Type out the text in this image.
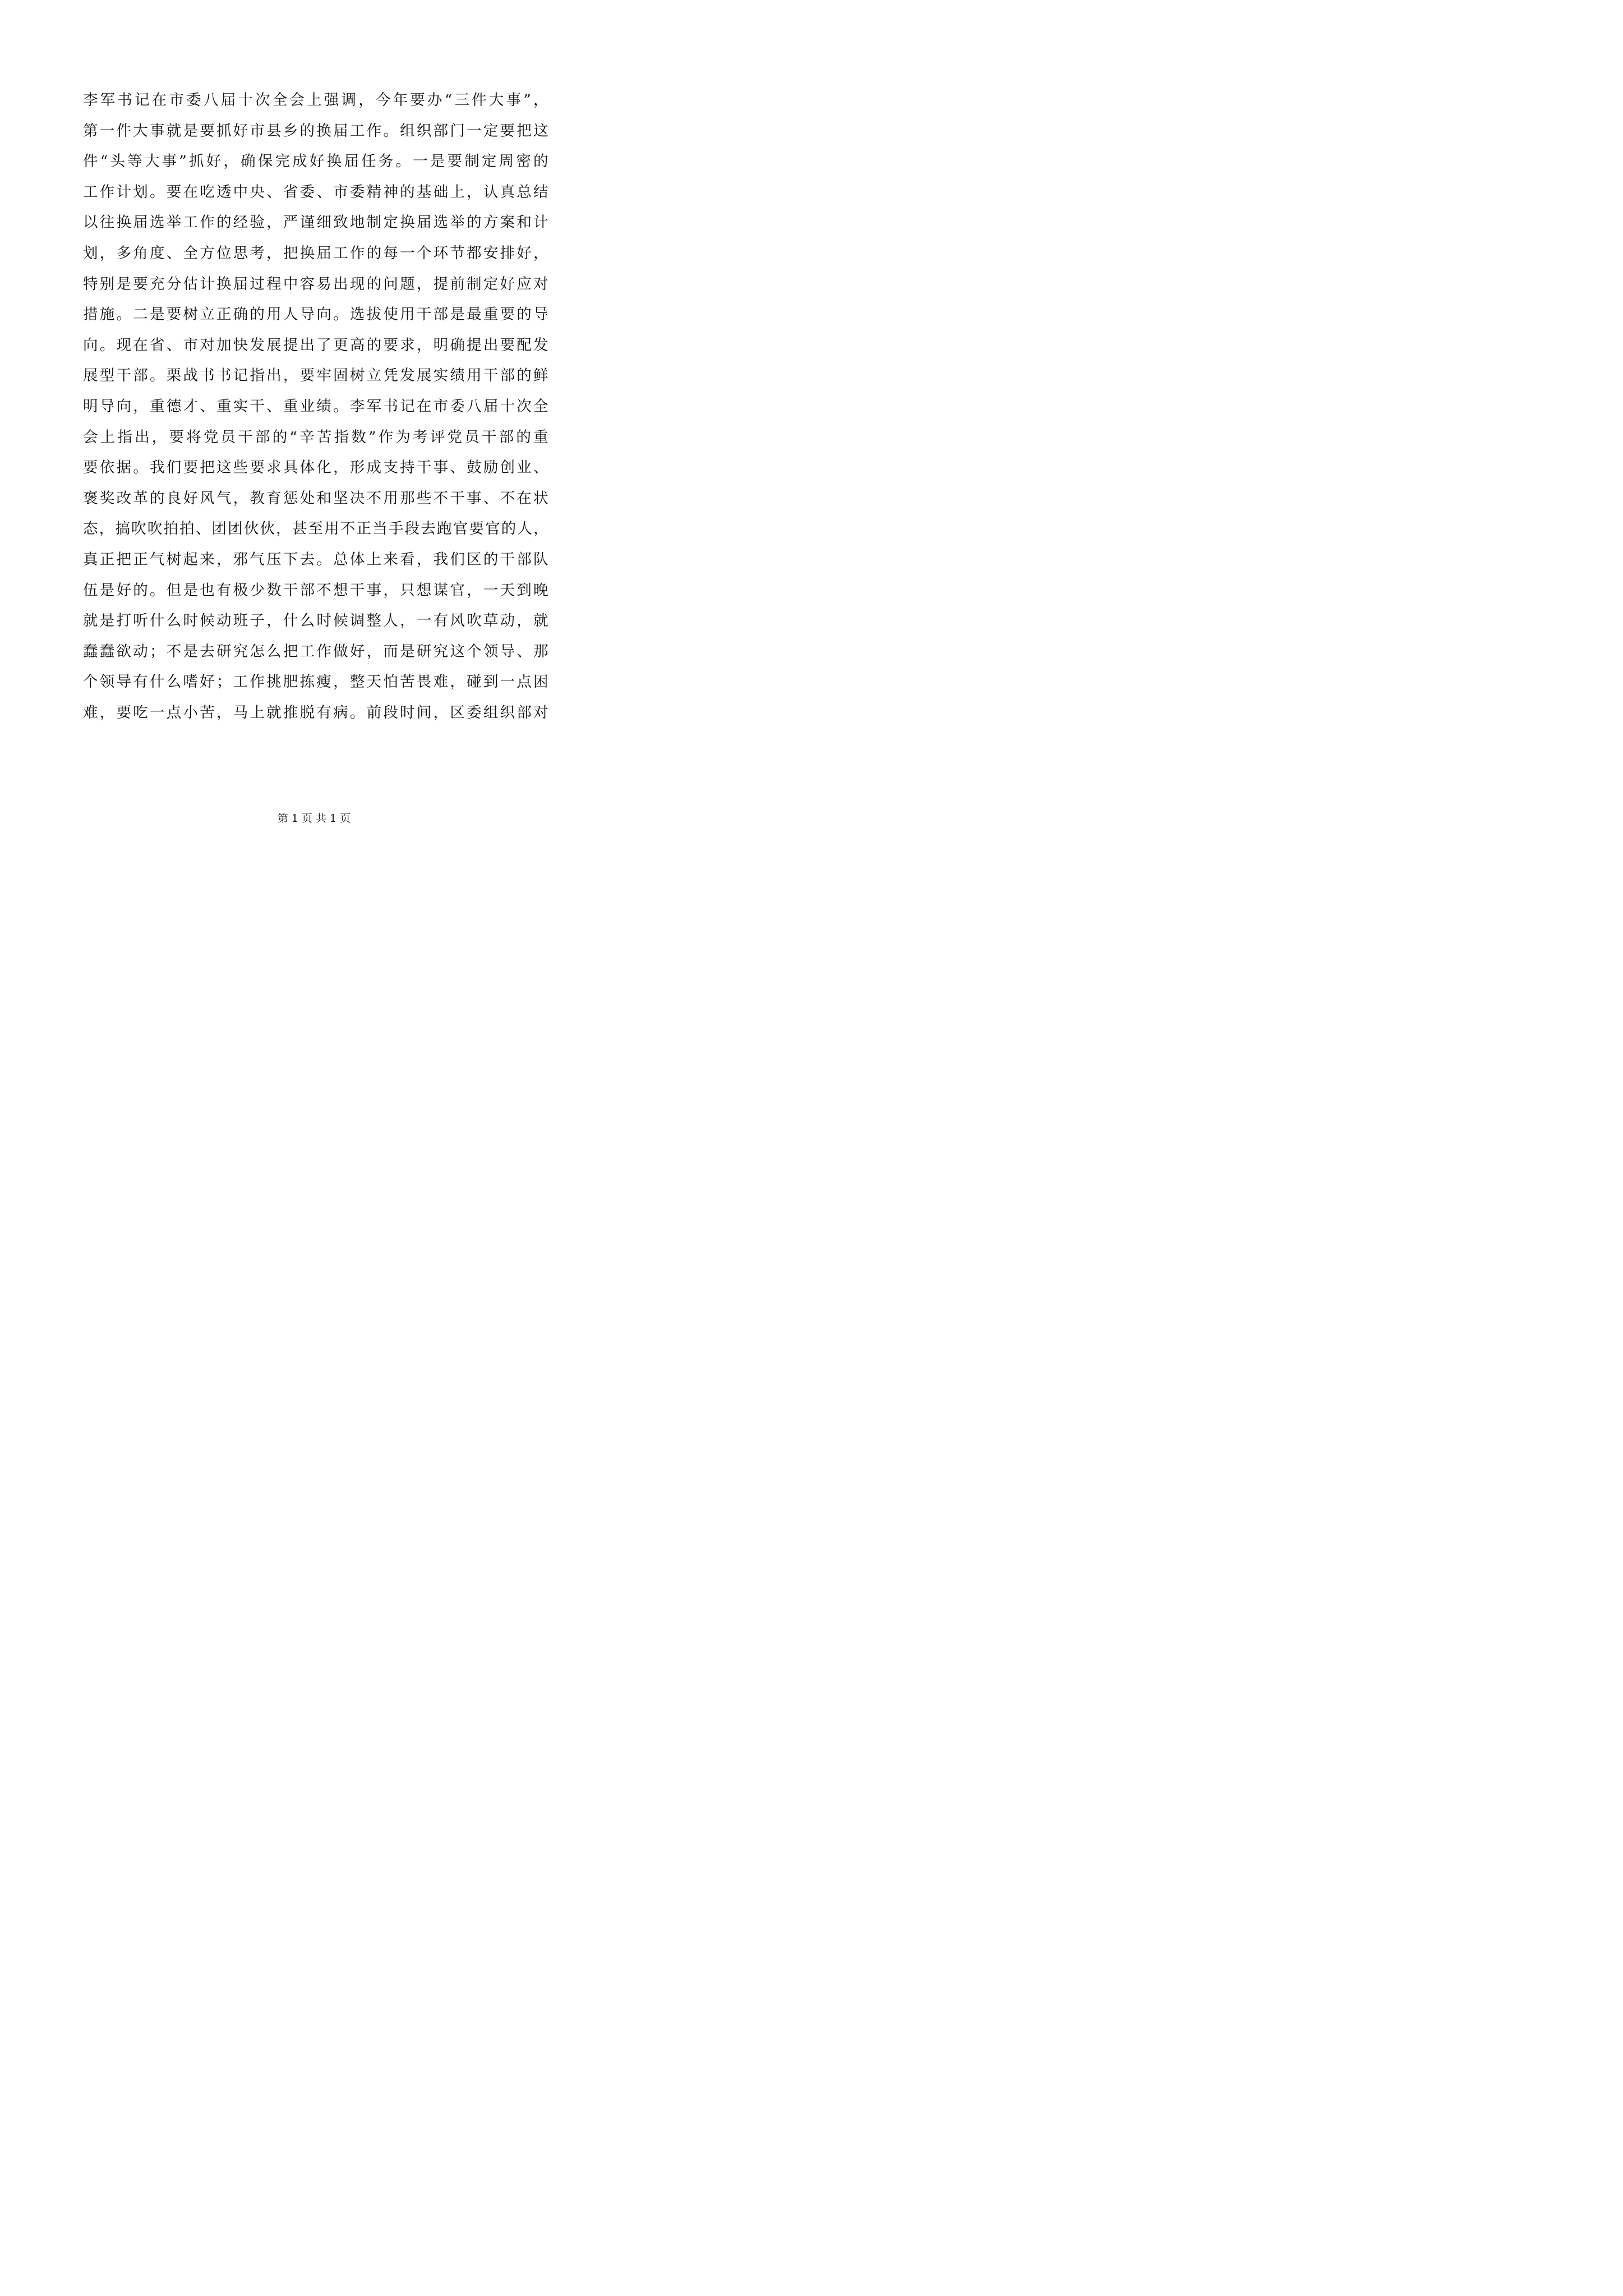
李军书记在市委八届十次全会上强调，今年要办“三件大事”，
第一件大事就是要抓好市县乡的换届工作。组织部门一定要把这
件“头等大事”抓好，确保完成好换届任务。一是要制定周密的
工作计划。要在吃透中央、省委、市委精神的基础上，认真总结
以往换届选举工作的经验，严谨细致地制定换届选举的方案和计
划，多角度、全方位思考，把换届工作的每一个环节都安排好，
特别是要充分估计换届过程中容易出现的问题，提前制定好应对
措施。二是要树立正确的用人导向。选拔使用干部是最重要的导
向。现在省、市对加快发展提出了更高的要求，明确提出要配发
展型干部。栗战书书记指出，要牢固树立凭发展实绩用干部的鲜
明导向，重德才、重实干、重业绩。李军书记在市委八届十次全
会上指出，要将党员干部的“辛苦指数”作为考评党员干部的重
要依据。我们要把这些要求具体化，形成支持干事、鼓励创业、
褒奖改革的良好风气，教育惩处和坚决不用那些不干事、不在状
态，搞吹吹拍拍、团团伙伙，甚至用不正当手段去跑官要官的人，
真正把正气树起来，邪气压下去。总体上来看，我们区的干部队
伍是好的。但是也有极少数干部不想干事，只想谋官，一天到晚
就是打听什么时候动班子，什么时候调整人，一有风吹草动，就
蠢蠢欲动；不是去研究怎么把工作做好，而是研究这个领导、那
个领导有什么嗜好；工作挑肥拣瘦，整天怕苦畏难，碰到一点困
难，要吃一点小苦，马上就推脱有病。前段时间，区委组织部对
第 1 页 共 1 页
